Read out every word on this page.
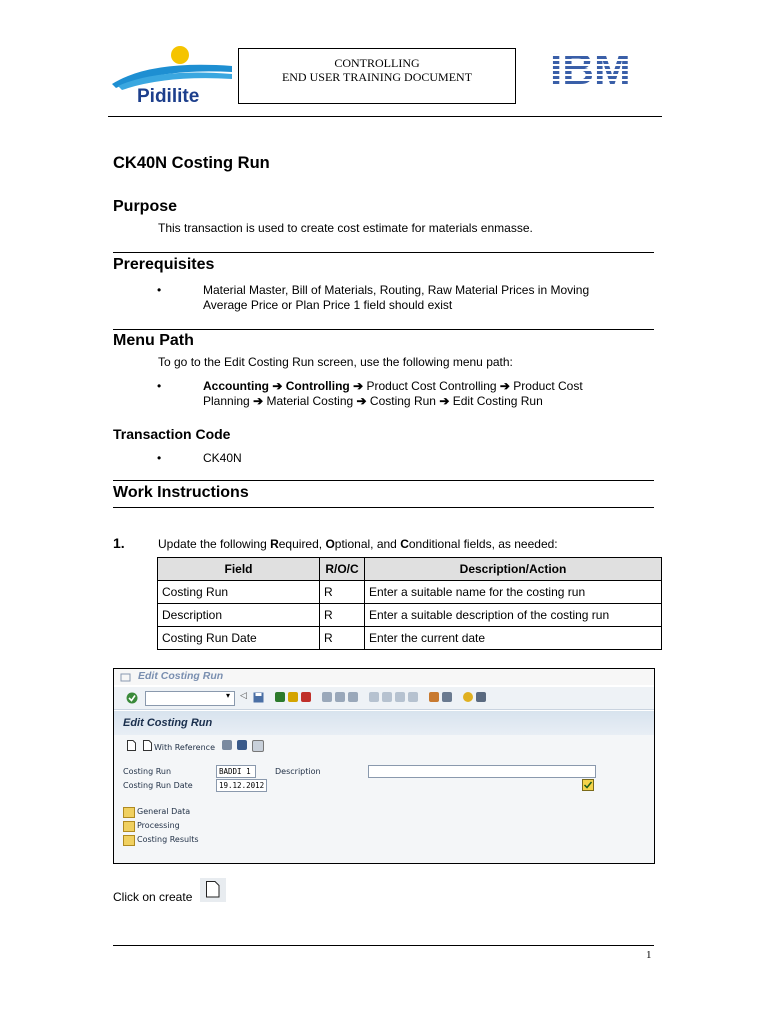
Pidilite
CONTROLLING
END USER TRAINING DOCUMENT	IBM
CK40N Costing Run
Purpose
This transaction is used to create cost estimate for materials enmasse.
Prerequisites
•	Material Master, Bill of Materials, Routing, Raw Material Prices in Moving
Average Price or Plan Price 1 field should exist
Menu Path
To go to the Edit Costing Run screen, use the following menu path:
•	Accounting ➔ Controlling ➔ Product Cost Controlling ➔ Product Cost
Planning ➔ Material Costing ➔ Costing Run ➔ Edit Costing Run
Transaction Code
•	CK40N
Work Instructions
1.	Update the following Required, Optional, and Conditional fields, as needed:
Field	R/O/C	Description/Action
Costing Run	R	Enter a suitable name for the costing run
Description	R	Enter a suitable description of the costing run
Costing Run Date	R	Enter the current date
Edit Costing Run
▾ ◁
Edit Costing Run
With Reference
Costing Run	BADDI 1	Description
Costing Run Date	19.12.2012
General Data
Processing
Costing Results
Click on create
1
